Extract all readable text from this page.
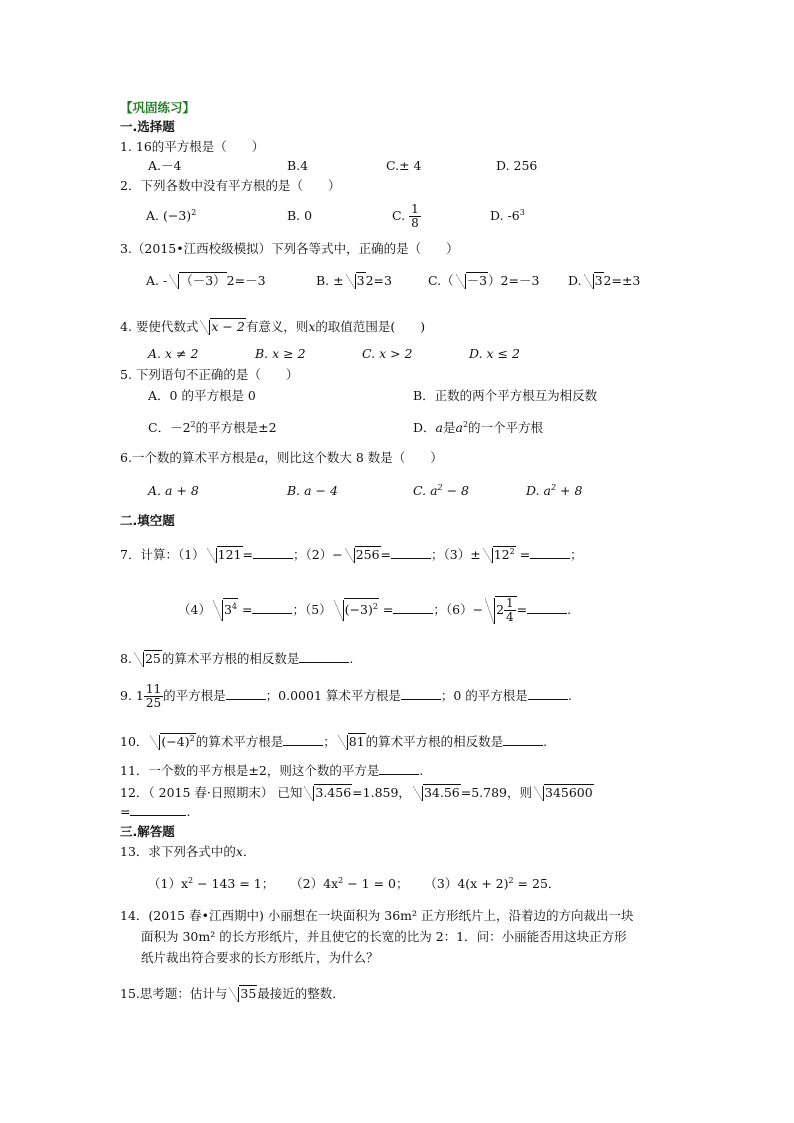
【巩固练习】
一.选择题
1. 16的平方根是（　　）
A.－4	B.4	C.± 4	D. 256
2．下列各数中没有平方根的是（　　）
A. $(-3)^2$	B. 0	C. $\frac{1}{8}$	D. $-6^3$
3.（2015•江西校级模拟）下列各等式中，正确的是（　　）
A. - （－3）2=－3	B. ± 32=3	C.（ －3）2=－3 D. 32=±3
4. 要使代数式 x − 2有意义，则x的取值范围是(　　)
A. x ≠ 2	B. x ≥ 2	C. x > 2	D. x ≤ 2
5. 下列语句不正确的是（　　）
A．0 的平方根是 0	B．正数的两个平方根互为相反数
C．$-2^2$的平方根是±2	D．a是$a^2$的一个平方根
6.一个数的算术平方根是a，则比这个数大 8 数是（　　）
A. a + 8	B. a − 4	C. $a^2 - 8$	D. $a^2 + 8$
二.填空题
7．计算：（1） 121=	；（2）− 256=	；$(3)\pm 12^2$ =	；
（4） $3^4$ =	；（5） $(-3)^2$ =	；$(6)- 2 \frac{1}{4}$ =	.
8. 25的算术平方根的相反数是	.
9. $1 \frac{11}{25}$ 的平方根是	；0.0001 算术平方根是	；0 的平方根是	.
10． $(-4)^2$的算术平方根是	； 81的算术平方根的相反数是	.
11．一个数的平方根是±2，则这个数的平方是	.
12．（ 2015 春·日照期末） 已知 3.456=1.859， 34.56=5.789，则 345600
=	.
三.解答题
13．求下列各式中的x．
$(1)x^2 - 143 = 1$； $(2)4x^2 - 1 = 0$； $(3)4(x + 2)^2 = 25$．
14．(2015 春•江西期中) 小丽想在一块面积为 36m² 正方形纸片上，沿着边的方向裁出一块
面积为 30m² 的长方形纸片，并且使它的长宽的比为 2：1．问：小丽能否用这块正方形
纸片裁出符合要求的长方形纸片，为什么？
15.思考题：估计与 35最接近的整数．
